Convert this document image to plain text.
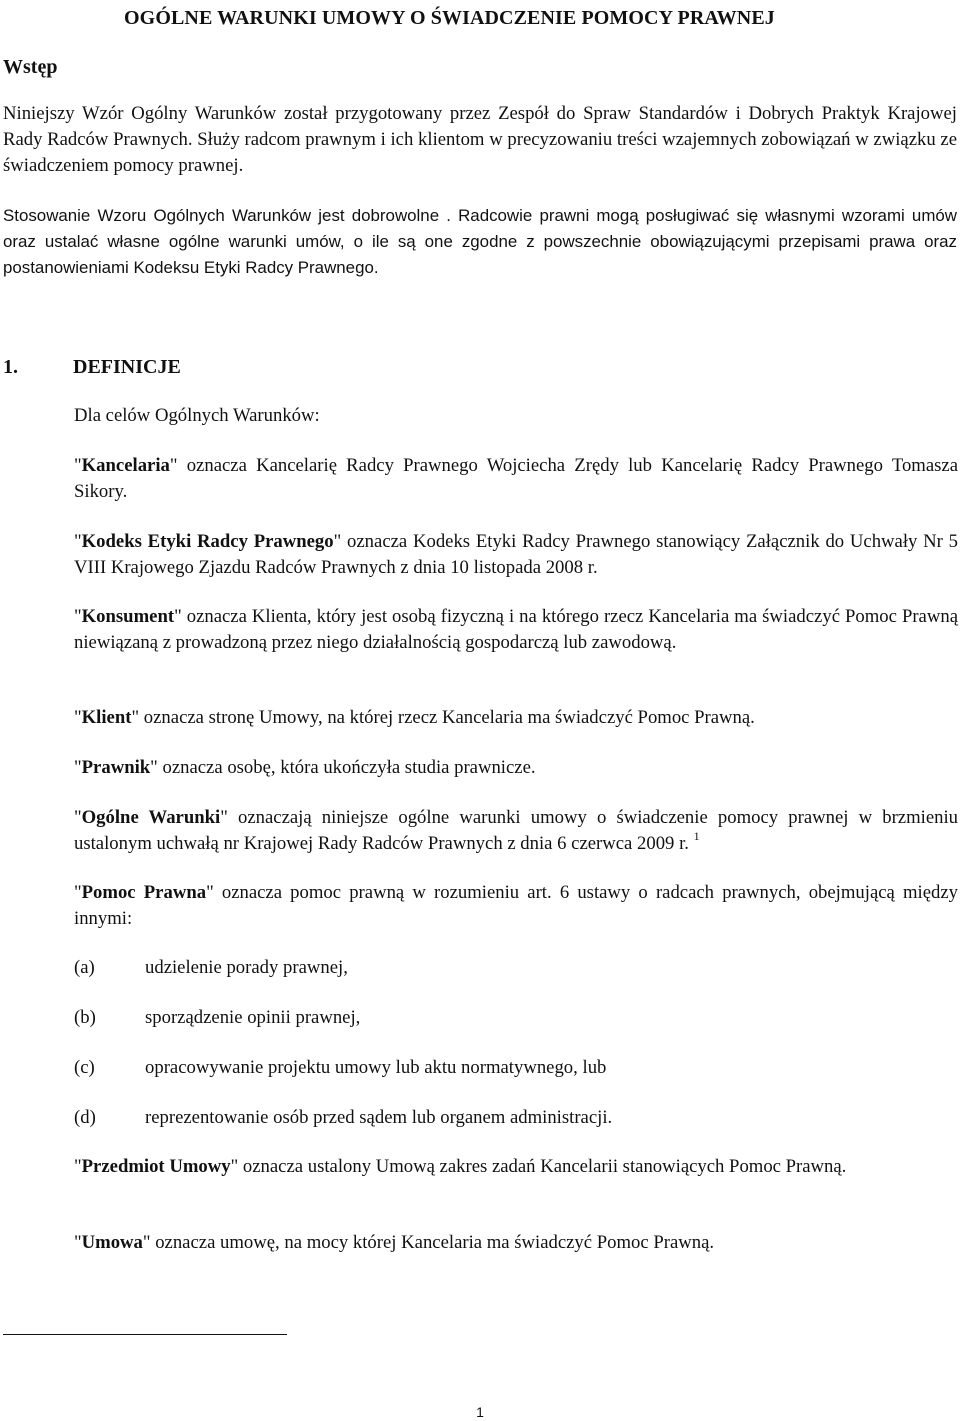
OGÓLNE WARUNKI UMOWY O ŚWIADCZENIE POMOCY PRAWNEJ
Wstęp

Niniejszy Wzór Ogólny Warunków został przygotowany przez Zespół do Spraw Standardów i Dobrych Praktyk Krajowej Rady Radców Prawnych. Służy radcom prawnym i ich klientom w precyzowaniu treści wzajemnych zobowiązań w związku ze świadczeniem pomocy prawnej.

Stosowanie Wzoru Ogólnych Warunków jest dobrowolne . Radcowie prawni mogą posługiwać się własnymi wzorami umów oraz ustalać własne ogólne warunki umów, o ile są one zgodne z powszechnie obowiązującymi przepisami prawa oraz postanowieniami Kodeksu Etyki Radcy Prawnego.

1.	DEFINICJE

Dla celów Ogólnych Warunków:

"Kancelaria" oznacza Kancelarię Radcy Prawnego Wojciecha Zrędy lub Kancelarię Radcy Prawnego Tomasza Sikory.

"Kodeks Etyki Radcy Prawnego" oznacza Kodeks Etyki Radcy Prawnego stanowiący Załącznik do Uchwały Nr 5 VIII Krajowego Zjazdu Radców Prawnych z dnia 10 listopada 2008 r.

"Konsument" oznacza Klienta, który jest osobą fizyczną i na którego rzecz Kancelaria ma świadczyć Pomoc Prawną niewiązaną z prowadzoną przez niego działalnością gospodarczą lub zawodową.

"Klient" oznacza stronę Umowy, na której rzecz Kancelaria ma świadczyć Pomoc Prawną.

"Prawnik" oznacza osobę, która ukończyła studia prawnicze.

"Ogólne Warunki" oznaczają niniejsze ogólne warunki umowy o świadczenie pomocy prawnej w brzmieniu ustalonym uchwałą nr Krajowej Rady Radców Prawnych z dnia 6 czerwca 2009 r. $^1$

"Pomoc Prawna" oznacza pomoc prawną w rozumieniu art. 6 ustawy o radcach prawnych, obejmującą między innymi:

(a)	udzielenie porady prawnej,

(b)	sporządzenie opinii prawnej,

(c)	opracowywanie projektu umowy lub aktu normatywnego, lub

(d)	reprezentowanie osób przed sądem lub organem administracji.

"Przedmiot Umowy" oznacza ustalony Umową zakres zadań Kancelarii stanowiących Pomoc Prawną.

"Umowa" oznacza umowę, na mocy której Kancelaria ma świadczyć Pomoc Prawną.

1
